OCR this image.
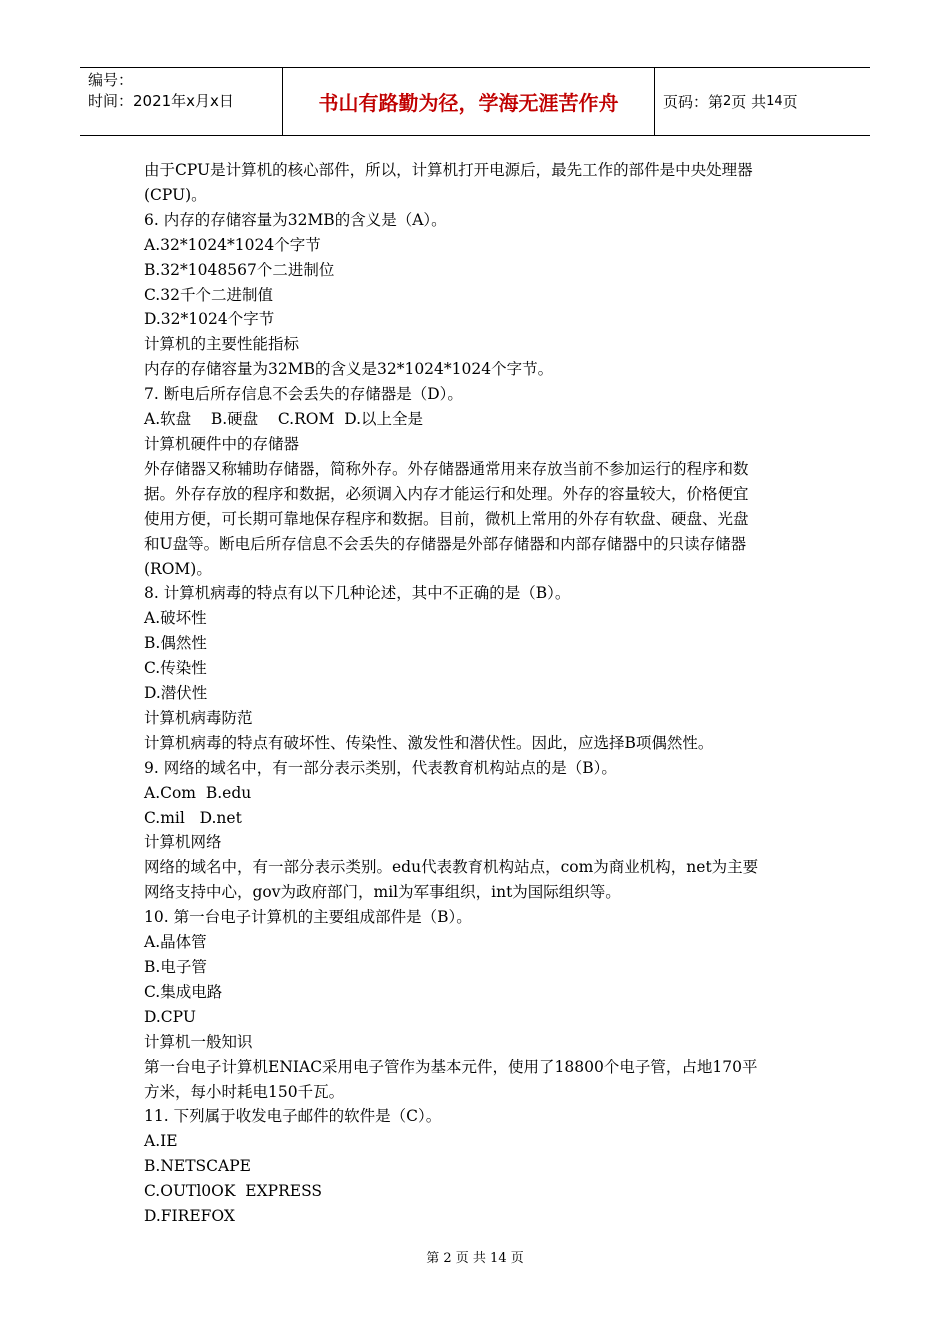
编号：
时间：2021年x月x日	书山有路勤为径，学海无涯苦作舟	页码：第 2 页 共 14 页

由于CPU是计算机的核心部件，所以，计算机打开电源后，最先工作的部件是中央处理器

(CPU)。

6. 内存的存储容量为32MB的含义是（A）。

A.32*1024*1024个字节

B.32*1048567个二进制位

C.32千个二进制值

D.32*1024个字节

计算机的主要性能指标

内存的存储容量为32MB的含义是32*1024*1024个字节。

7. 断电后所存信息不会丢失的存储器是（D）。

A.软盘    B.硬盘    C.ROM  D.以上全是

计算机硬件中的存储器

外存储器又称辅助存储器，简称外存。外存储器通常用来存放当前不参加运行的程序和数

据。外存存放的程序和数据，必须调入内存才能运行和处理。外存的容量较大，价格便宜

使用方便，可长期可靠地保存程序和数据。目前，微机上常用的外存有软盘、硬盘、光盘

和U盘等。断电后所存信息不会丢失的存储器是外部存储器和内部存储器中的只读存储器

(ROM)。

8. 计算机病毒的特点有以下几种论述，其中不正确的是（B）。

A.破坏性

B.偶然性

C.传染性

D.潜伏性

计算机病毒防范

计算机病毒的特点有破坏性、传染性、激发性和潜伏性。因此，应选择B项偶然性。

9. 网络的域名中，有一部分表示类别，代表教育机构站点的是（B）。

A.Com  B.edu

C.mil   D.net

计算机网络

网络的域名中，有一部分表示类别。edu代表教育机构站点，com为商业机构，net为主要

网络支持中心，gov为政府部门，mil为军事组织，int为国际组织等。

10. 第一台电子计算机的主要组成部件是（B）。

A.晶体管

B.电子管

C.集成电路

D.CPU

计算机一般知识

第一台电子计算机ENIAC采用电子管作为基本元件，使用了18800个电子管，占地170平

方米，每小时耗电150千瓦。

11. 下列属于收发电子邮件的软件是（C）。

A.IE

B.NETSCAPE

C.OUTl0OK  EXPRESS

D.FIREFOX

第 2 页 共 14 页
